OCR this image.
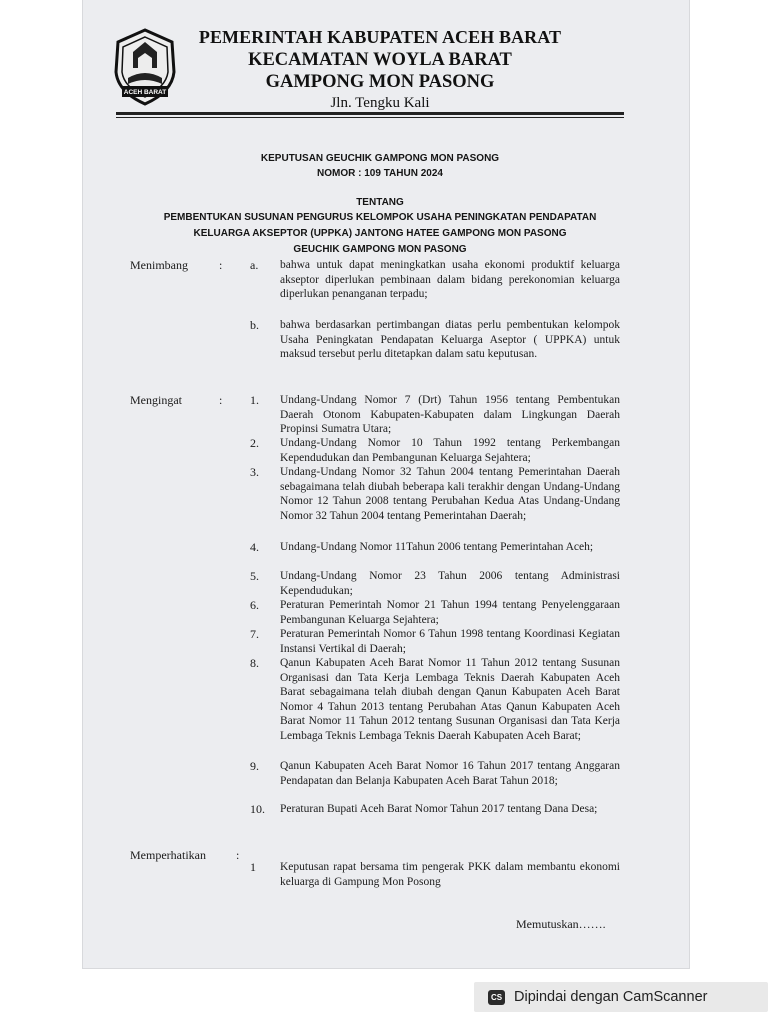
ACEH BARAT
PEMERINTAH KABUPATEN ACEH BARAT
KECAMATAN WOYLA BARAT
GAMPONG MON PASONG
Jln. Tengku Kali
KEPUTUSAN GEUCHIK GAMPONG MON PASONG
NOMOR : 109 TAHUN 2024
TENTANG
PEMBENTUKAN SUSUNAN PENGURUS KELOMPOK USAHA PENINGKATAN PENDAPATAN
KELUARGA AKSEPTOR (UPPKA) JANTONG HATEE GAMPONG MON PASONG
GEUCHIK GAMPONG MON PASONG
Menimbang	: a.	bahwa untuk dapat meningkatkan usaha ekonomi produktif keluarga akseptor diperlukan pembinaan dalam bidang perekonomian keluarga diperlukan penanganan terpadu;
b.	bahwa berdasarkan pertimbangan diatas perlu pembentukan kelompok Usaha Peningkatan Pendapatan Keluarga Aseptor ( UPPKA) untuk maksud tersebut perlu ditetapkan dalam satu keputusan.
Mengingat	: 1.	Undang-Undang Nomor 7 (Drt) Tahun 1956 tentang Pembentukan Daerah Otonom Kabupaten-Kabupaten dalam Lingkungan Daerah Propinsi Sumatra Utara;
2.	Undang-Undang Nomor 10 Tahun 1992 tentang Perkembangan Kependudukan dan Pembangunan Keluarga Sejahtera;
3.	Undang-Undang Nomor 32 Tahun 2004 tentang Pemerintahan Daerah sebagaimana telah diubah beberapa kali terakhir dengan Undang-Undang Nomor 12 Tahun 2008 tentang Perubahan Kedua Atas Undang-Undang Nomor 32 Tahun 2004 tentang Pemerintahan Daerah;
4.	Undang-Undang Nomor 11Tahun 2006 tentang Pemerintahan Aceh;
5.	Undang-Undang Nomor 23 Tahun 2006 tentang Administrasi Kependudukan;
6.	Peraturan Pemerintah Nomor 21 Tahun 1994 tentang Penyelenggaraan Pembangunan Keluarga Sejahtera;
7.	Peraturan Pemerintah Nomor 6 Tahun 1998 tentang Koordinasi Kegiatan Instansi Vertikal di Daerah;
8.	Qanun Kabupaten Aceh Barat Nomor 11 Tahun 2012 tentang Susunan Organisasi dan Tata Kerja Lembaga Teknis Daerah Kabupaten Aceh Barat sebagaimana telah diubah dengan Qanun Kabupaten Aceh Barat Nomor 4 Tahun 2013 tentang Perubahan Atas Qanun Kabupaten Aceh Barat Nomor 11 Tahun 2012 tentang Susunan Organisasi dan Tata Kerja Lembaga Teknis Lembaga Teknis Daerah Kabupaten Aceh Barat;
9.	Qanun Kabupaten Aceh Barat Nomor 16 Tahun 2017 tentang Anggaran Pendapatan dan Belanja Kabupaten Aceh Barat Tahun 2018;
10.	Peraturan Bupati Aceh Barat Nomor Tahun 2017 tentang Dana Desa;
Memperhatikan	:
1	Keputusan rapat bersama tim pengerak PKK dalam membantu ekonomi keluarga di Gampung Mon Posong
Memutuskan…….
CS Dipindai dengan CamScanner
